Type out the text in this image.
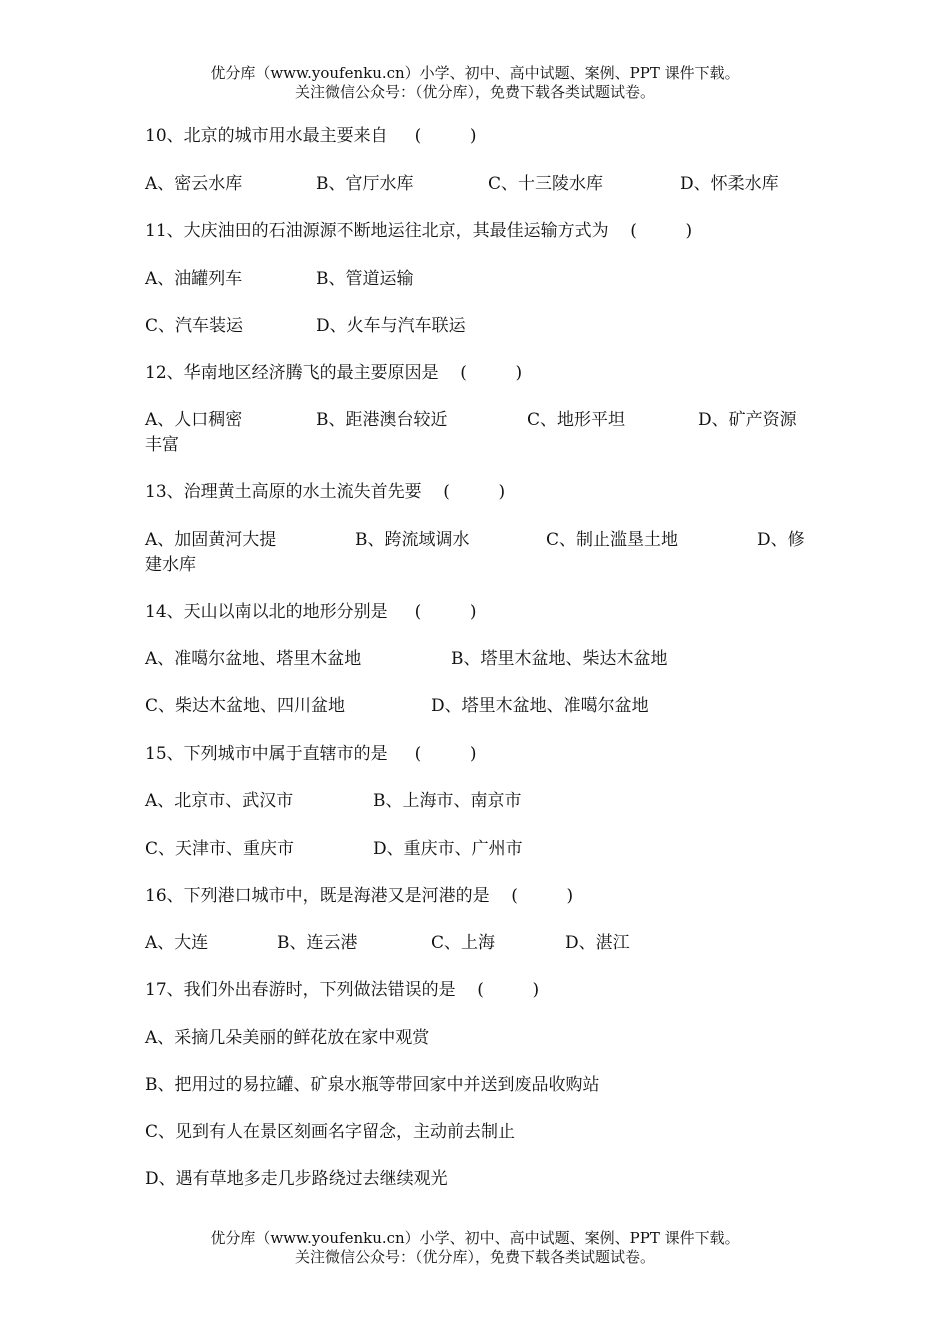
优分库（www.youfenku.cn）小学、初中、高中试题、案例、PPT 课件下载。
关注微信公众号：（优分库），免费下载各类试题试卷。
10、北京的城市用水最主要来自     (         )
A、密云水库	B、官厅水库	C、十三陵水库	D、怀柔水库
11、大庆油田的石油源源不断地运往北京，其最佳运输方式为    (         )
A、油罐列车	B、管道运输
C、汽车装运	D、火车与汽车联运
12、华南地区经济腾飞的最主要原因是    (         )
A、人口稠密	B、距港澳台较近	C、地形平坦	D、矿产资源
丰富
13、治理黄土高原的水土流失首先要    (         )
A、加固黄河大提	B、跨流域调水	C、制止滥垦土地	D、修
建水库
14、天山以南以北的地形分别是     (         )
A、准噶尔盆地、塔里木盆地	B、塔里木盆地、柴达木盆地
C、柴达木盆地、四川盆地	D、塔里木盆地、准噶尔盆地
15、下列城市中属于直辖市的是     (         )
A、北京市、武汉市	B、上海市、南京市
C、天津市、重庆市	D、重庆市、广州市
16、下列港口城市中，既是海港又是河港的是    (         )
A、大连	B、连云港	C、上海	D、湛江
17、我们外出春游时，下列做法错误的是    (         )
A、采摘几朵美丽的鲜花放在家中观赏
B、把用过的易拉罐、矿泉水瓶等带回家中并送到废品收购站
C、见到有人在景区刻画名字留念，主动前去制止
D、遇有草地多走几步路绕过去继续观光
优分库（www.youfenku.cn）小学、初中、高中试题、案例、PPT 课件下载。
关注微信公众号：（优分库），免费下载各类试题试卷。
